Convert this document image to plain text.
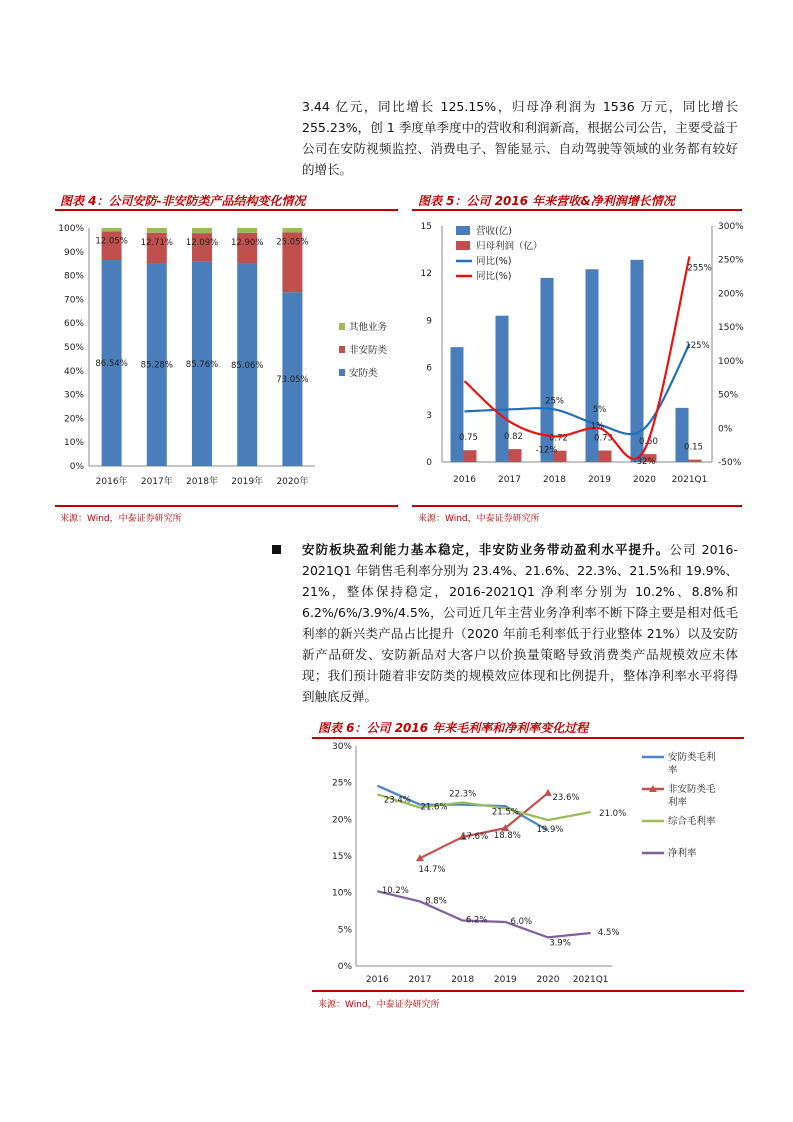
3.44 亿元，同比增长 125.15%，归母净利润为 1536 万元，同比增长 255.23%，创 1 季度单季度中的营收和利润新高，根据公司公告，主要受益于公司在安防视频监控、消费电子、智能显示、自动驾驶等领域的业务都有较好的增长。

图表 4：公司安防-非安防类产品结构变化情况
0%
10%
20%
30%
40%
50%
60%
70%
80%
90%
100%
86.54%
12.05%
2016年
85.28%
12.71%
2017年
85.76%
12.09%
2018年
85.06%
12.90%
2019年
73.05%
25.05%
2020年
其他业务
非安防类
安防类
来源：Wind，中泰证券研究所
图表 5：公司 2016 年来营收&净利润增长情况
0
3
6
9
12
15
-50%
0%
50%
100%
150%
200%
250%
300%
0.75
2016
0.82
2017
0.72
2018
0.73
2019
0.50
2020
0.15
2021Q1
25%
5%
1%
-12%
-32%
125%
255%
营收(亿)
归母利润（亿）
同比(%)
同比(%)
来源：Wind，中泰证券研究所

安防板块盈利能力基本稳定，非安防业务带动盈利水平提升。公司 2016-2021Q1 年销售毛利率分别为 23.4%、21.6%、22.3%、21.5%和 19.9%、21%，整体保持稳定，2016-2021Q1 净利率分别为 10.2%、8.8%和 6.2%/6%/3.9%/4.5%，公司近几年主营业务净利率不断下降主要是相对低毛利率的新兴类产品占比提升（2020 年前毛利率低于行业整体 21%）以及安防新产品研发、安防新品对大客户以价换量策略导致消费类产品规模效应未体现；我们预计随着非安防类的规模效应体现和比例提升，整体净利率水平将得到触底反弹。

图表 6：公司 2016 年来毛利率和净利率变化过程
0%
5%
10%
15%
20%
25%
30%
2016 2017 2018 2019 2020 2021Q1
14.7%
17.6% 18.8%
23.6%
23.4%
21.6%
22.3%
21.5%
19.9%
21.0%
10.2%
8.8%
6.2%	6.0%
3.9%
4.5%
安防类毛利率
非安防类毛利率
综合毛利率
净利率
来源：Wind，中泰证券研究所
